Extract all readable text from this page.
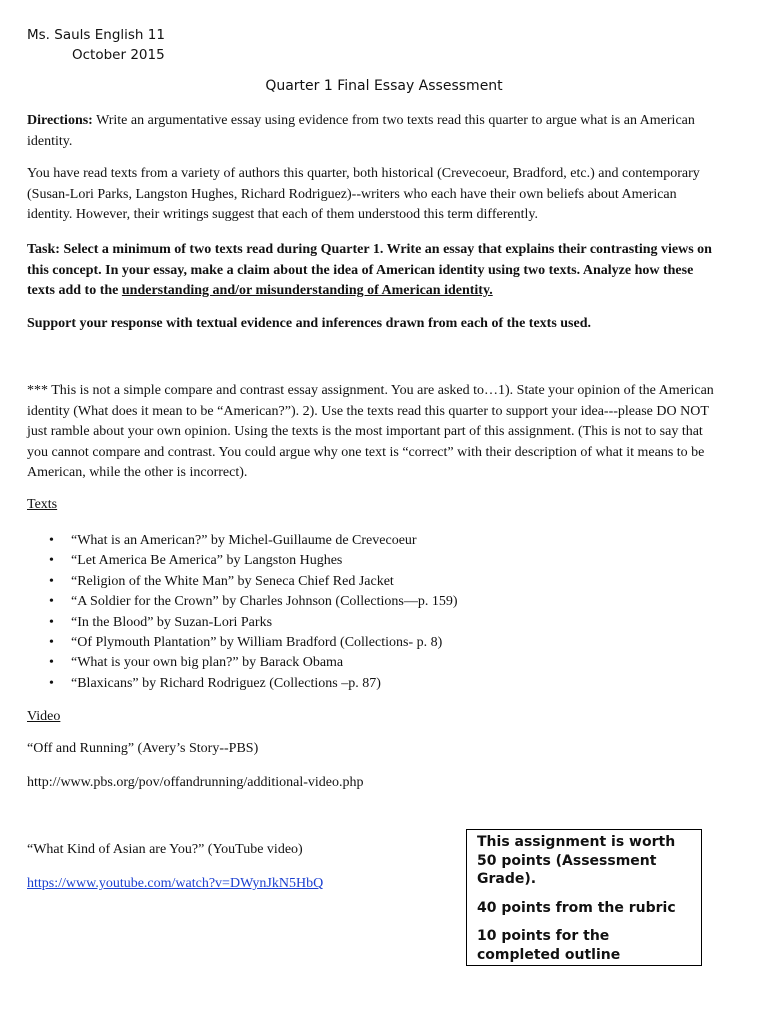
Ms. Sauls English 11
October 2015
Quarter 1 Final Essay Assessment

Directions: Write an argumentative essay using evidence from two texts read this quarter to argue what is an American identity.

You have read texts from a variety of authors this quarter, both historical (Crevecoeur, Bradford, etc.) and contemporary (Susan-Lori Parks, Langston Hughes, Richard Rodriguez)--writers who each have their own beliefs about American identity. However, their writings suggest that each of them understood this term differently.

Task: Select a minimum of two texts read during Quarter 1. Write an essay that explains their contrasting views on this concept. In your essay, make a claim about the idea of American identity using two texts. Analyze how these texts add to the understanding and/or misunderstanding of American identity.

Support your response with textual evidence and inferences drawn from each of the texts used.

*** This is not a simple compare and contrast essay assignment. You are asked to…1). State your opinion of the American identity (What does it mean to be “American?”). 2). Use the texts read this quarter to support your idea---please DO NOT just ramble about your own opinion. Using the texts is the most important part of this assignment. (This is not to say that you cannot compare and contrast. You could argue why one text is “correct” with their description of what it means to be American, while the other is incorrect).

Texts
• “What is an American?” by Michel-Guillaume de Crevecoeur
• “Let America Be America” by Langston Hughes
• “Religion of the White Man” by Seneca Chief Red Jacket
• “A Soldier for the Crown” by Charles Johnson (Collections—p. 159)
• “In the Blood” by Suzan-Lori Parks
• “Of Plymouth Plantation” by William Bradford (Collections- p. 8)
• “What is your own big plan?” by Barack Obama
• “Blaxicans” by Richard Rodriguez (Collections –p. 87)
Video
“Off and Running” (Avery’s Story--PBS)
http://www.pbs.org/pov/offandrunning/additional-video.php
“What Kind of Asian are You?” (YouTube video)
https://www.youtube.com/watch?v=DWynJkN5HbQ

This assignment is worth 50 points (Assessment Grade).

40 points from the rubric

10 points for the completed outline
